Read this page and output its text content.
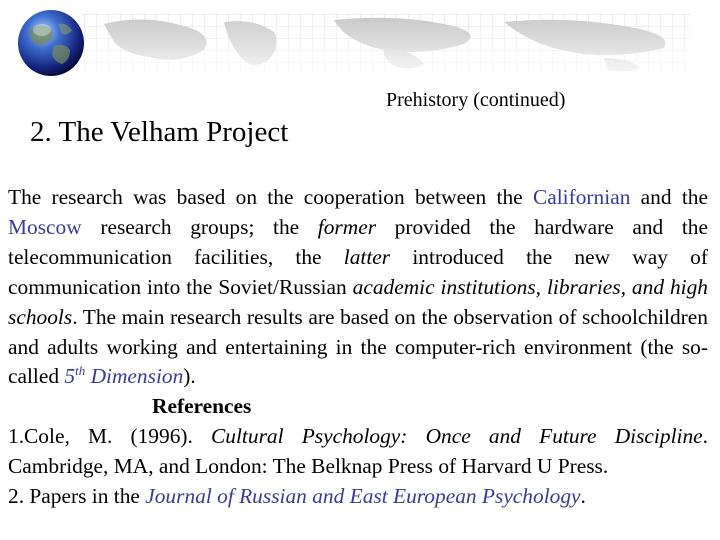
Prehistory (continued)
2. The Velham Project

The research was based on the cooperation between the Californian and the Moscow research groups; the former provided the hardware and the telecommunication facilities, the latter introduced the new way of communication into the Soviet/Russian academic institutions, libraries, and high schools. The main research results are based on the observation of schoolchildren and adults working and entertaining in the computer-rich environment (the so-called 5th Dimension).
References
1.Cole, M. (1996). Cultural Psychology: Once and Future Discipline. Cambridge, MA, and London: The Belknap Press of Harvard U Press.
2. Papers in the Journal of Russian and East European Psychology.
